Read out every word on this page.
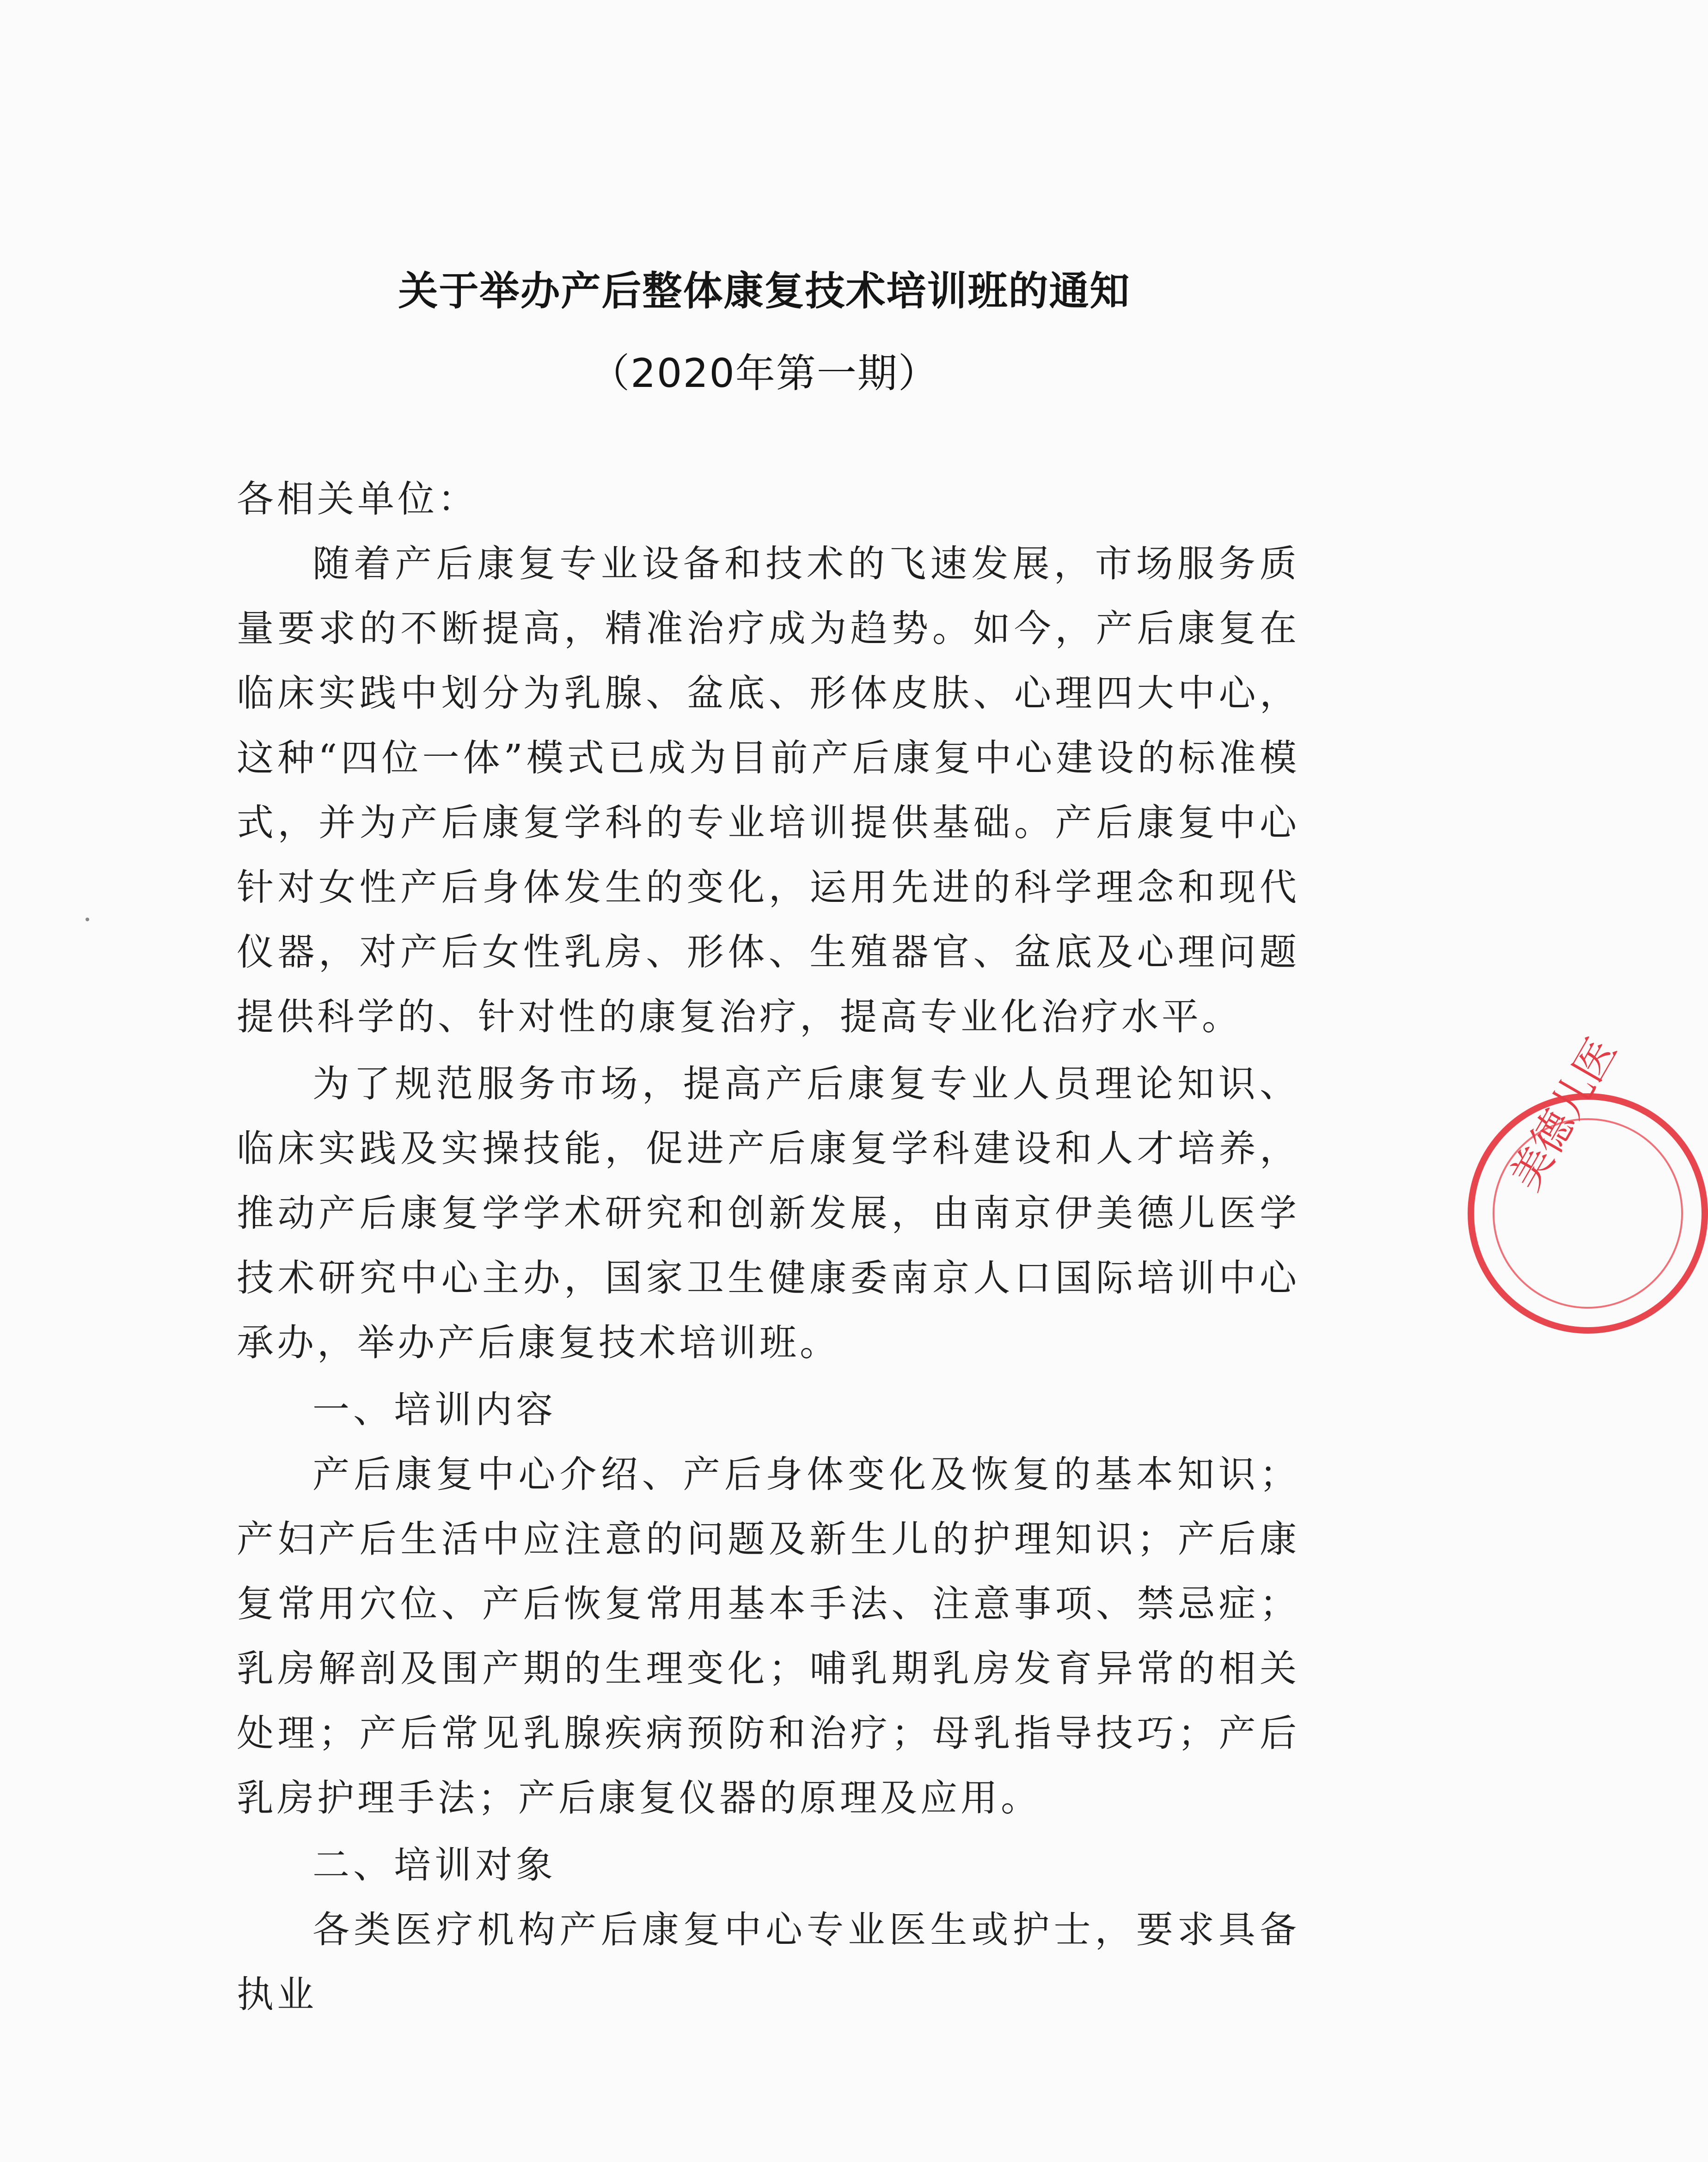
关于举办产后整体康复技术培训班的通知
（2020年第一期）
各相关单位：

随着产后康复专业设备和技术的飞速发展，市场服务质量要求的不断提高，精准治疗成为趋势。如今，产后康复在临床实践中划分为乳腺、盆底、形体皮肤、心理四大中心，这种“四位一体”模式已成为目前产后康复中心建设的标准模式，并为产后康复学科的专业培训提供基础。产后康复中心针对女性产后身体发生的变化，运用先进的科学理念和现代仪器，对产后女性乳房、形体、生殖器官、盆底及心理问题提供科学的、针对性的康复治疗，提高专业化治疗水平。

为了规范服务市场，提高产后康复专业人员理论知识、临床实践及实操技能，促进产后康复学科建设和人才培养，推动产后康复学学术研究和创新发展，由南京伊美德儿医学技术研究中心主办，国家卫生健康委南京人口国际培训中心承办，举办产后康复技术培训班。

一、培训内容

产后康复中心介绍、产后身体变化及恢复的基本知识；产妇产后生活中应注意的问题及新生儿的护理知识；产后康复常用穴位、产后恢复常用基本手法、注意事项、禁忌症；乳房解剖及围产期的生理变化；哺乳期乳房发育异常的相关处理；产后常见乳腺疾病预防和治疗；母乳指导技巧；产后乳房护理手法；产后康复仪器的原理及应用。

二、培训对象

各类医疗机构产后康复中心专业医生或护士，要求具备执业

美德儿医
